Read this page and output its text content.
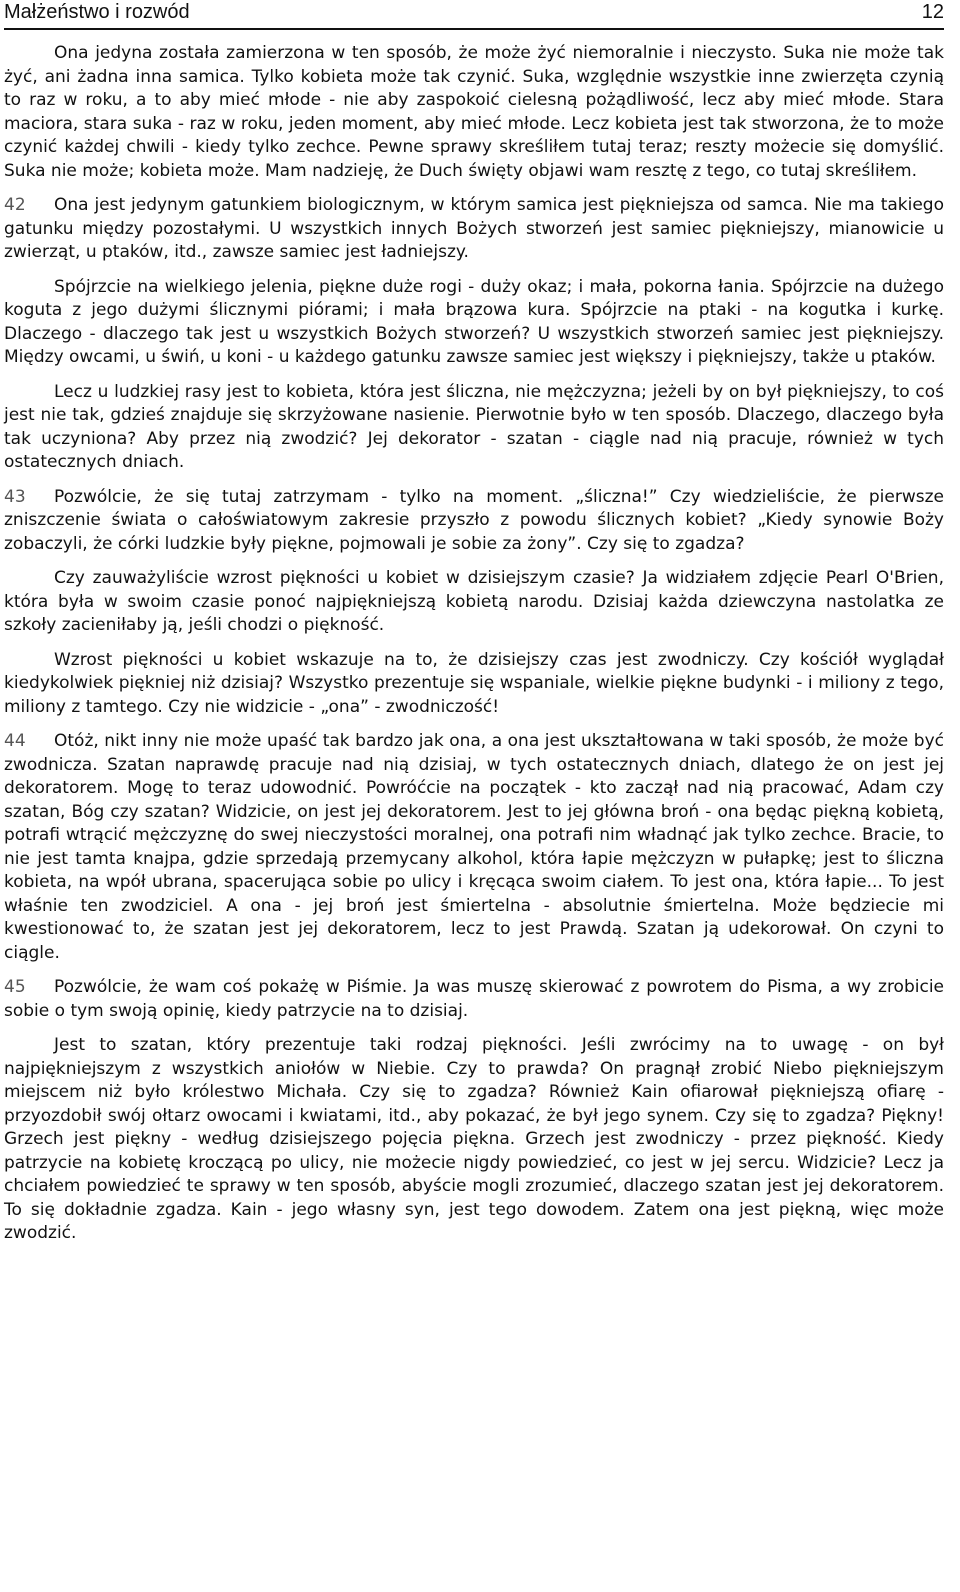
Małżeństwo i rozwód	12

Ona jedyna została zamierzona w ten sposób, że może żyć niemoralnie i nieczysto. Suka nie może tak żyć, ani żadna inna samica. Tylko kobieta może tak czynić. Suka, względnie wszystkie inne zwierzęta czynią to raz w roku, a to aby mieć młode - nie aby zaspokoić cielesną pożądliwość, lecz aby mieć młode. Stara maciora, stara suka - raz w roku, jeden moment, aby mieć młode. Lecz kobieta jest tak stworzona, że to może czynić każdej chwili - kiedy tylko zechce. Pewne sprawy skreśliłem tutaj teraz; reszty możecie się domyślić. Suka nie może; kobieta może. Mam nadzieję, że Duch święty objawi wam resztę z tego, co tutaj skreśliłem.

42 Ona jest jedynym gatunkiem biologicznym, w którym samica jest piękniejsza od samca. Nie ma takiego gatunku między pozostałymi. U wszystkich innych Bożych stworzeń jest samiec piękniejszy, mianowicie u zwierząt, u ptaków, itd., zawsze samiec jest ładniejszy.

Spójrzcie na wielkiego jelenia, piękne duże rogi - duży okaz; i mała, pokorna łania. Spójrzcie na dużego koguta z jego dużymi ślicznymi piórami; i mała brązowa kura. Spójrzcie na ptaki - na kogutka i kurkę. Dlaczego - dlaczego tak jest u wszystkich Bożych stworzeń? U wszystkich stworzeń samiec jest piękniejszy. Między owcami, u świń, u koni - u każdego gatunku zawsze samiec jest większy i piękniejszy, także u ptaków.

Lecz u ludzkiej rasy jest to kobieta, która jest śliczna, nie mężczyzna; jeżeli by on był piękniejszy, to coś jest nie tak, gdzieś znajduje się skrzyżowane nasienie. Pierwotnie było w ten sposób. Dlaczego, dlaczego była tak uczyniona? Aby przez nią zwodzić? Jej dekorator - szatan - ciągle nad nią pracuje, również w tych ostatecznych dniach.

43 Pozwólcie, że się tutaj zatrzymam - tylko na moment. „śliczna!” Czy wiedzieliście, że pierwsze zniszczenie świata o całoświatowym zakresie przyszło z powodu ślicznych kobiet? „Kiedy synowie Boży zobaczyli, że córki ludzkie były piękne, pojmowali je sobie za żony”. Czy się to zgadza?

Czy zauważyliście wzrost piękności u kobiet w dzisiejszym czasie? Ja widziałem zdjęcie Pearl O'Brien, która była w swoim czasie ponoć najpiękniejszą kobietą narodu. Dzisiaj każda dziewczyna nastolatka ze szkoły zacieniłaby ją, jeśli chodzi o piękność.

Wzrost piękności u kobiet wskazuje na to, że dzisiejszy czas jest zwodniczy. Czy kościół wyglądał kiedykolwiek piękniej niż dzisiaj? Wszystko prezentuje się wspaniale, wielkie piękne budynki - i miliony z tego, miliony z tamtego. Czy nie widzicie - „ona” - zwodniczość!

44 Otóż, nikt inny nie może upaść tak bardzo jak ona, a ona jest ukształtowana w taki sposób, że może być zwodnicza. Szatan naprawdę pracuje nad nią dzisiaj, w tych ostatecznych dniach, dlatego że on jest jej dekoratorem. Mogę to teraz udowodnić. Powróćcie na początek - kto zaczął nad nią pracować, Adam czy szatan, Bóg czy szatan? Widzicie, on jest jej dekoratorem. Jest to jej główna broń - ona będąc piękną kobietą, potrafi wtrącić mężczyznę do swej nieczystości moralnej, ona potrafi nim władnąć jak tylko zechce. Bracie, to nie jest tamta knajpa, gdzie sprzedają przemycany alkohol, która łapie mężczyzn w pułapkę; jest to śliczna kobieta, na wpół ubrana, spacerująca sobie po ulicy i kręcąca swoim ciałem. To jest ona, która łapie... To jest właśnie ten zwodziciel. A ona - jej broń jest śmiertelna - absolutnie śmiertelna. Może będziecie mi kwestionować to, że szatan jest jej dekoratorem, lecz to jest Prawdą. Szatan ją udekorował. On czyni to ciągle.

45 Pozwólcie, że wam coś pokażę w Piśmie. Ja was muszę skierować z powrotem do Pisma, a wy zrobicie sobie o tym swoją opinię, kiedy patrzycie na to dzisiaj.

Jest to szatan, który prezentuje taki rodzaj piękności. Jeśli zwrócimy na to uwagę - on był najpiękniejszym z wszystkich aniołów w Niebie. Czy to prawda? On pragnął zrobić Niebo piękniejszym miejscem niż było królestwo Michała. Czy się to zgadza? Również Kain ofiarował piękniejszą ofiarę - przyozdobił swój ołtarz owocami i kwiatami, itd., aby pokazać, że był jego synem. Czy się to zgadza? Piękny! Grzech jest piękny - według dzisiejszego pojęcia piękna. Grzech jest zwodniczy - przez piękność. Kiedy patrzycie na kobietę kroczącą po ulicy, nie możecie nigdy powiedzieć, co jest w jej sercu. Widzicie? Lecz ja chciałem powiedzieć te sprawy w ten sposób, abyście mogli zrozumieć, dlaczego szatan jest jej dekoratorem. To się dokładnie zgadza. Kain - jego własny syn, jest tego dowodem. Zatem ona jest piękną, więc może zwodzić.
